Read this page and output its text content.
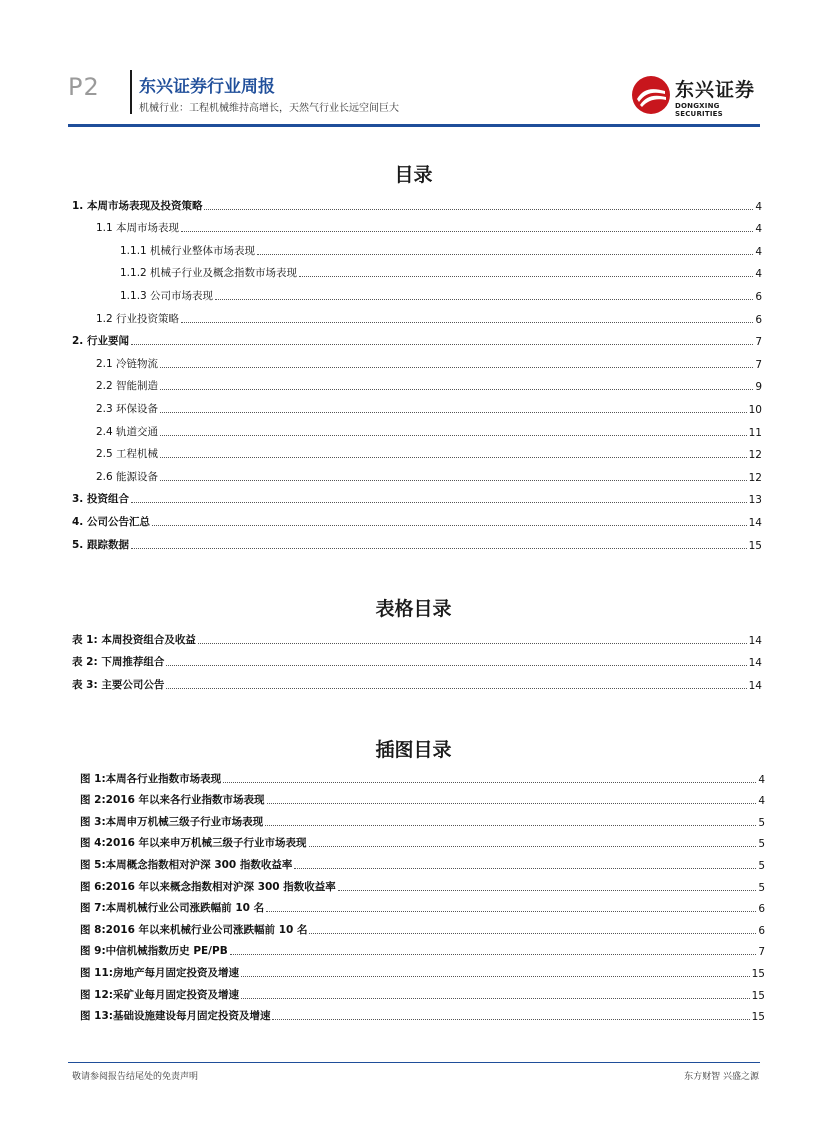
P2 东兴证券行业周报
机械行业：工程机械维持高增长，天然气行业长远空间巨大
东兴证券
DONGXING SECURITIES
目录
1. 本周市场表现及投资策略	4
1.1 本周市场表现	4
1.1.1 机械行业整体市场表现	4
1.1.2 机械子行业及概念指数市场表现	4
1.1.3 公司市场表现	6
1.2 行业投资策略	6
2. 行业要闻	7
2.1 冷链物流	7
2.2 智能制造	9
2.3 环保设备	10
2.4 轨道交通	11
2.5 工程机械	12
2.6 能源设备	12
3. 投资组合	13
4. 公司公告汇总	14
5. 跟踪数据	15
表格目录
表 1: 本周投资组合及收益	14
表 2: 下周推荐组合	14
表 3: 主要公司公告	14
插图目录
图 1:本周各行业指数市场表现	4
图 2:2016 年以来各行业指数市场表现	4
图 3:本周申万机械三级子行业市场表现	5
图 4:2016 年以来申万机械三级子行业市场表现	5
图 5:本周概念指数相对沪深 300 指数收益率	5
图 6:2016 年以来概念指数相对沪深 300 指数收益率	5
图 7:本周机械行业公司涨跌幅前 10 名	6
图 8:2016 年以来机械行业公司涨跌幅前 10 名	6
图 9:中信机械指数历史 PE/PB	7
图 11:房地产每月固定投资及增速	15
图 12:采矿业每月固定投资及增速	15
图 13:基础设施建设每月固定投资及增速	15
敬请参阅报告结尾处的免责声明	东方财智 兴盛之源
